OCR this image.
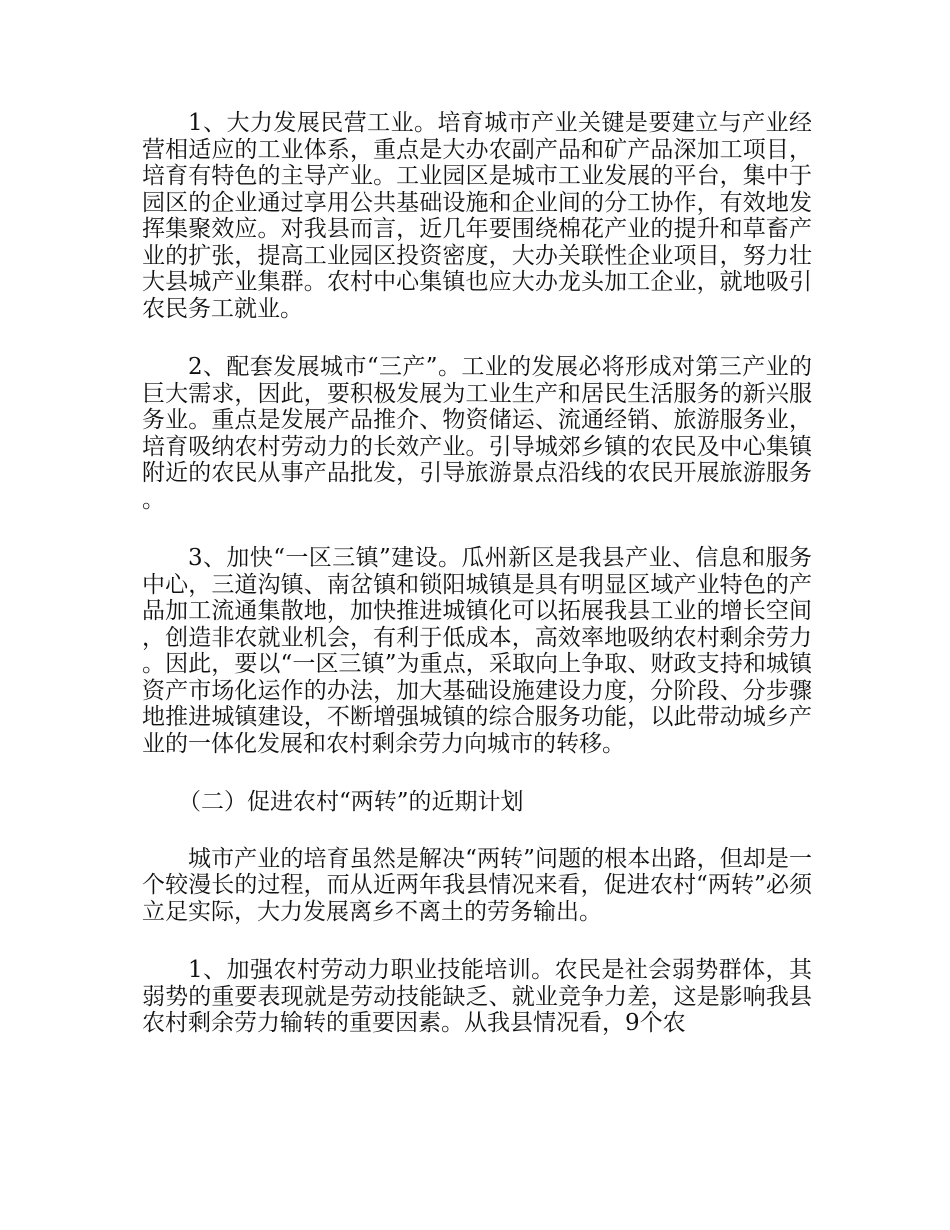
1、大力发展民营工业。培育城市产业关键是要建立与产业经营相适应的工业体系，重点是大办农副产品和矿产品深加工项目，培育有特色的主导产业。工业园区是城市工业发展的平台，集中于园区的企业通过享用公共基础设施和企业间的分工协作，有效地发挥集聚效应。对我县而言，近几年要围绕棉花产业的提升和草畜产业的扩张，提高工业园区投资密度，大办关联性企业项目，努力壮大县城产业集群。农村中心集镇也应大办龙头加工企业，就地吸引农民务工就业。

2、配套发展城市“三产”。工业的发展必将形成对第三产业的巨大需求，因此，要积极发展为工业生产和居民生活服务的新兴服务业。重点是发展产品推介、物资储运、流通经销、旅游服务业，培育吸纳农村劳动力的长效产业。引导城郊乡镇的农民及中心集镇附近的农民从事产品批发，引导旅游景点沿线的农民开展旅游服务。

3、加快“一区三镇”建设。瓜州新区是我县产业、信息和服务中心，三道沟镇、南岔镇和锁阳城镇是具有明显区域产业特色的产品加工流通集散地，加快推进城镇化可以拓展我县工业的增长空间，创造非农就业机会，有利于低成本，高效率地吸纳农村剩余劳力。因此，要以“一区三镇”为重点，采取向上争取、财政支持和城镇资产市场化运作的办法，加大基础设施建设力度，分阶段、分步骤地推进城镇建设，不断增强城镇的综合服务功能，以此带动城乡产业的一体化发展和农村剩余劳力向城市的转移。

（二）促进农村“两转”的近期计划

城市产业的培育虽然是解决“两转”问题的根本出路，但却是一个较漫长的过程，而从近两年我县情况来看，促进农村“两转”必须立足实际，大力发展离乡不离土的劳务输出。

1、加强农村劳动力职业技能培训。农民是社会弱势群体，其弱势的重要表现就是劳动技能缺乏、就业竞争力差，这是影响我县农村剩余劳力输转的重要因素。从我县情况看，9个农
